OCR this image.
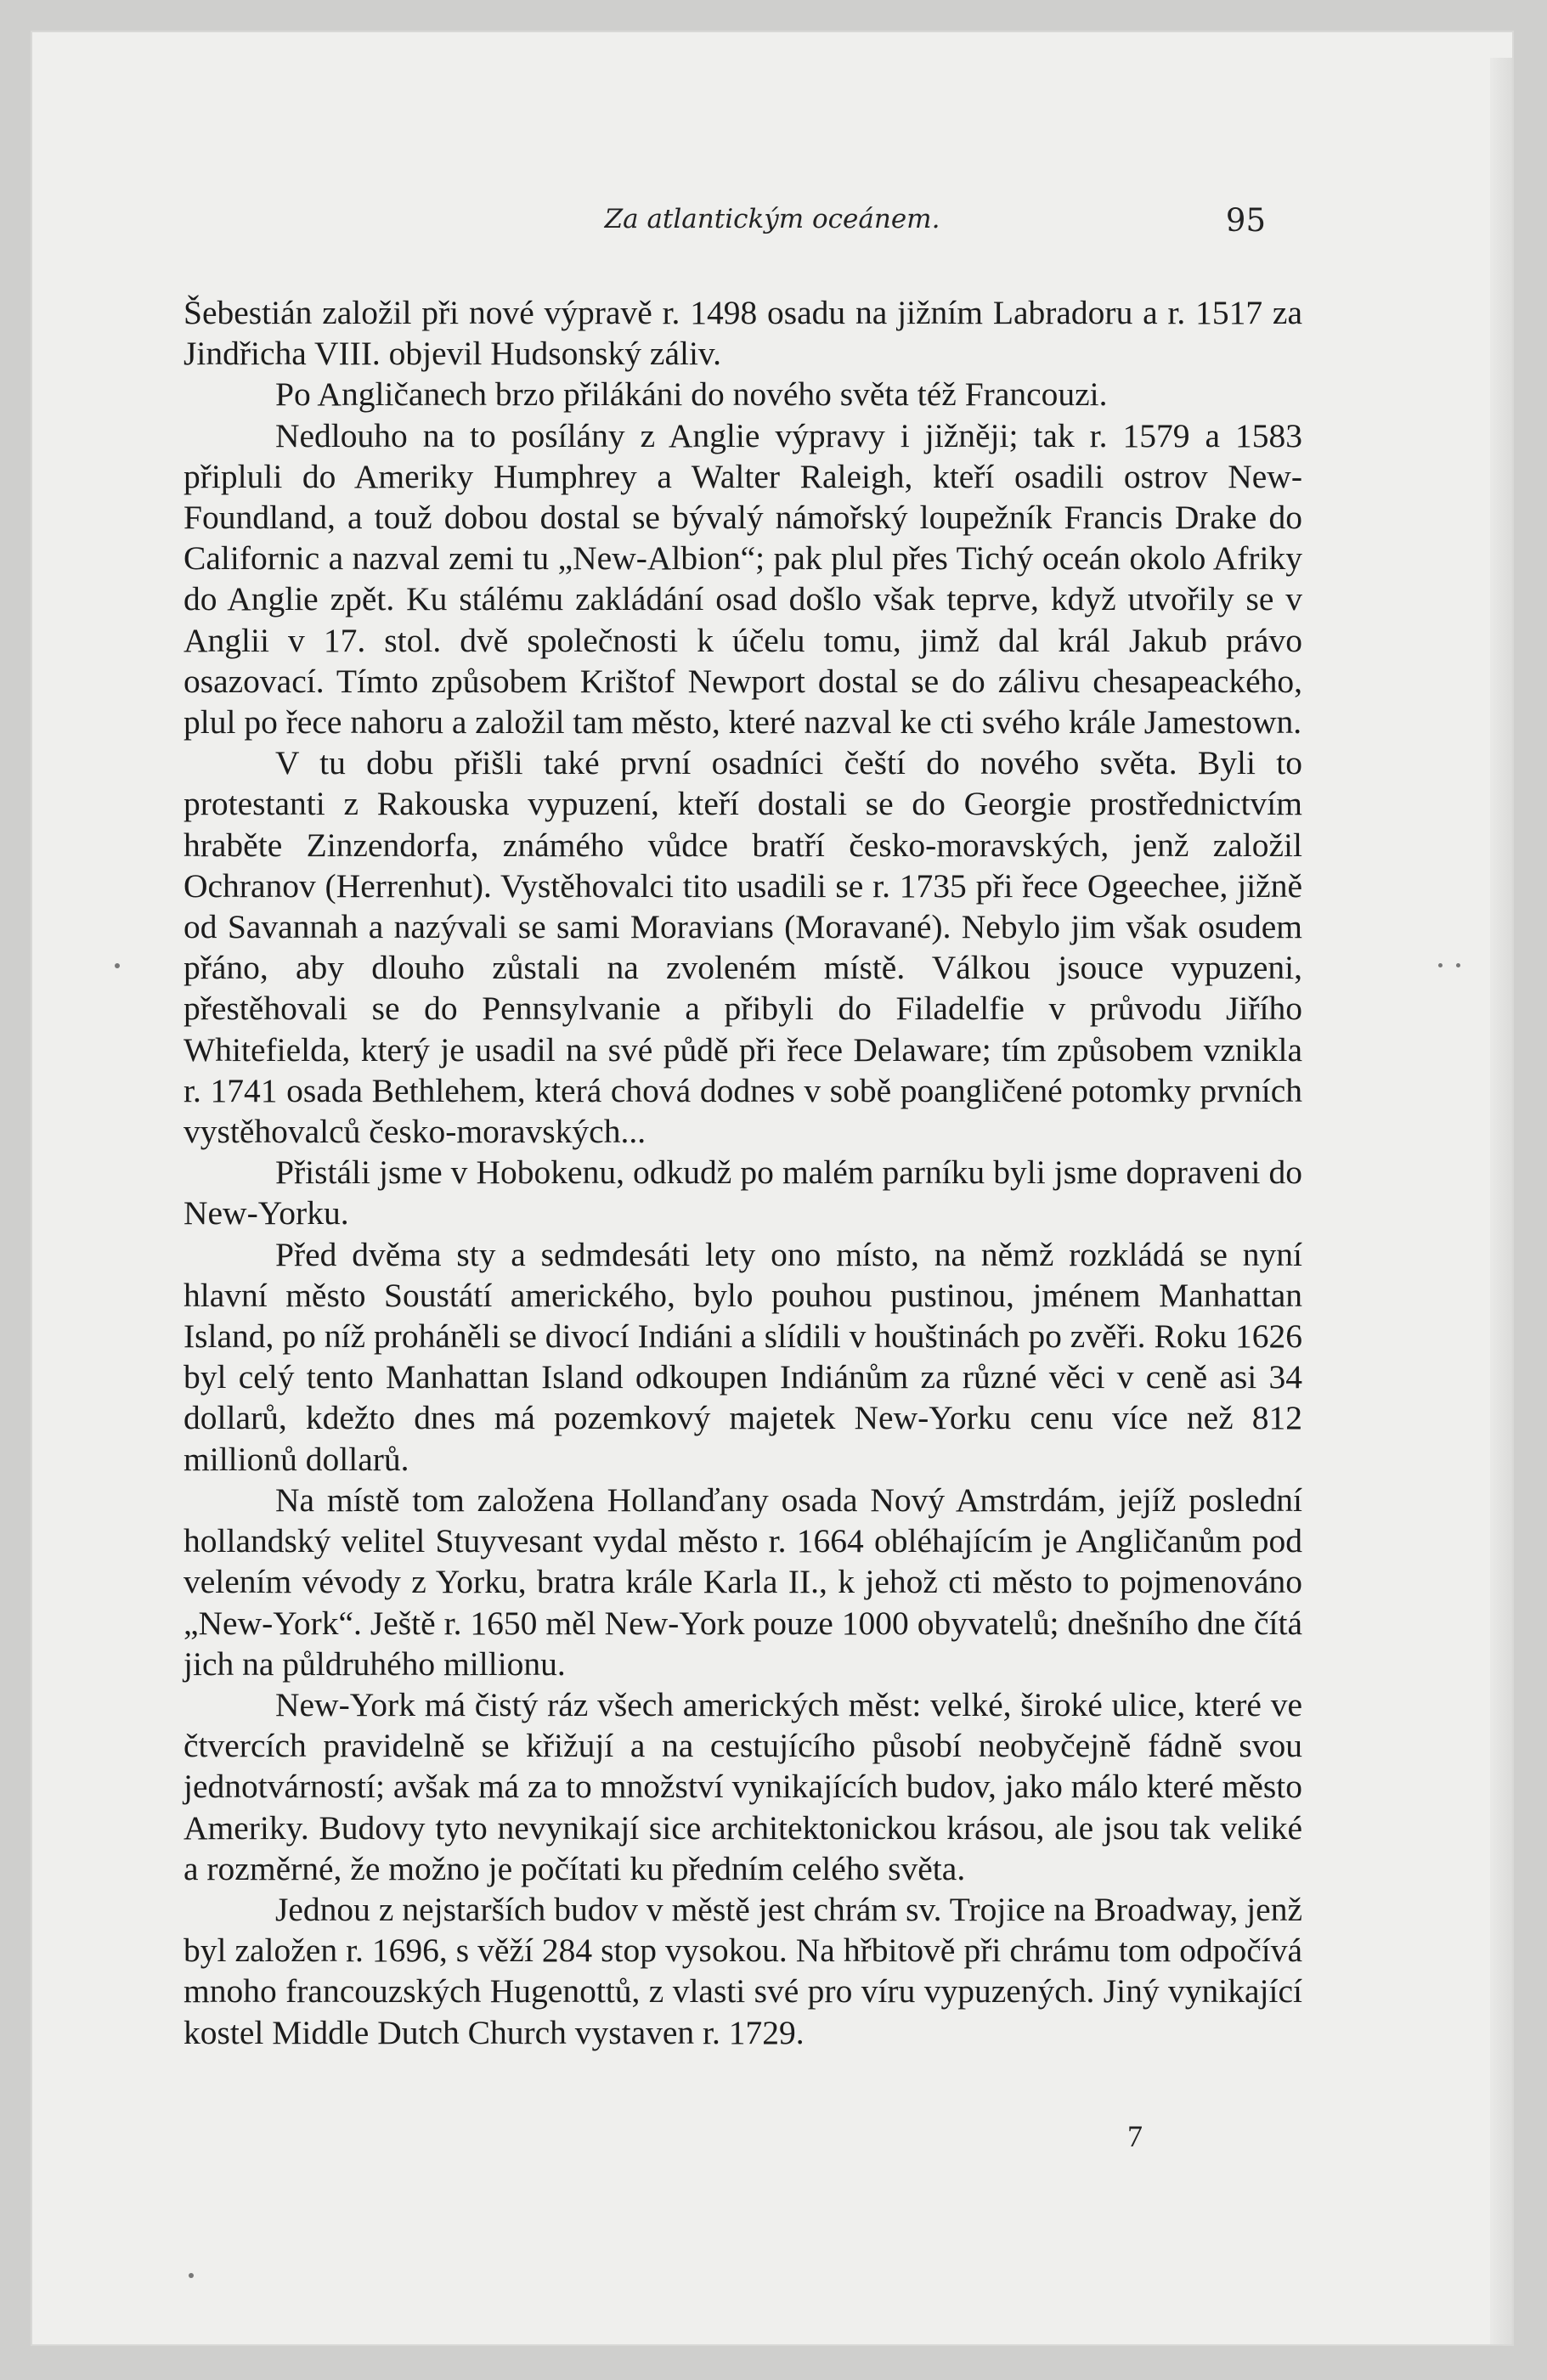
Za atlantickým oceánem.	95

Šebestián založil při nové výpravě r. 1498 osadu na jižním Labradoru a r. 1517 za Jindřicha VIII. objevil Hudsonský záliv.

Po Angličanech brzo přilákáni do nového světa též Francouzi.

Nedlouho na to posílány z Anglie výpravy i jižněji; tak r. 1579 a 1583 připluli do Ameriky Humphrey a Walter Raleigh, kteří osadili ostrov New-Foundland, a touž dobou dostal se bývalý námořský loupežník Francis Drake do Californic a nazval zemi tu „New-Albion“; pak plul přes Tichý oceán okolo Afriky do Anglie zpět. Ku stálému zakládání osad došlo však teprve, když utvořily se v Anglii v 17. stol. dvě společnosti k účelu tomu, jimž dal král Jakub právo osazovací. Tímto způsobem Krištof Newport dostal se do zálivu chesapeackého, plul po řece nahoru a založil tam město, které nazval ke cti svého krále Jamestown.

V tu dobu přišli také první osadníci čeští do nového světa. Byli to protestanti z Rakouska vypuzení, kteří dostali se do Georgie prostřednictvím hraběte Zinzendorfa, známého vůdce bratří česko-moravských, jenž založil Ochranov (Herrenhut). Vystěhovalci tito usadili se r. 1735 při řece Ogeechee, jižně od Savannah a nazývali se sami Moravians (Moravané). Nebylo jim však osudem přáno, aby dlouho zůstali na zvoleném místě. Válkou jsouce vypuzeni, přestěhovali se do Pennsylvanie a přibyli do Filadelfie v průvodu Jiřího Whitefielda, který je usadil na své půdě při řece Delaware; tím způsobem vznikla r. 1741 osada Bethlehem, která chová dodnes v sobě poangličené potomky prvních vystěhovalců česko-moravských...

Přistáli jsme v Hobokenu, odkudž po malém parníku byli jsme dopraveni do New-Yorku.

Před dvěma sty a sedmdesáti lety ono místo, na němž rozkládá se nyní hlavní město Soustátí amerického, bylo pouhou pustinou, jménem Manhattan Island, po níž proháněli se divocí Indiáni a slídili v houštinách po zvěři. Roku 1626 byl celý tento Manhattan Island odkoupen Indiánům za různé věci v ceně asi 34 dollarů, kdežto dnes má pozemkový majetek New-Yorku cenu více než 812 millionů dollarů.

Na místě tom založena Hollanďany osada Nový Amstrdám, jejíž poslední hollandský velitel Stuyvesant vydal město r. 1664 obléhajícím je Angličanům pod velením vévody z Yorku, bratra krále Karla II., k jehož cti město to pojmenováno „New-York“. Ještě r. 1650 měl New-York pouze 1000 obyvatelů; dnešního dne čítá jich na půldruhého millionu.

New-York má čistý ráz všech amerických měst: velké, široké ulice, které ve čtvercích pravidelně se křižují a na cestujícího působí neobyčejně fádně svou jednotvárností; avšak má za to množství vynikajících budov, jako málo které město Ameriky. Budovy tyto nevynikají sice architektonickou krásou, ale jsou tak veliké a rozměrné, že možno je počítati ku předním celého světa.

Jednou z nejstarších budov v městě jest chrám sv. Trojice na Broadway, jenž byl založen r. 1696, s věží 284 stop vysokou. Na hřbitově při chrámu tom odpočívá mnoho francouzských Hugenottů, z vlasti své pro víru vypuzených. Jiný vynikající kostel Middle Dutch Church vystaven r. 1729.

7
